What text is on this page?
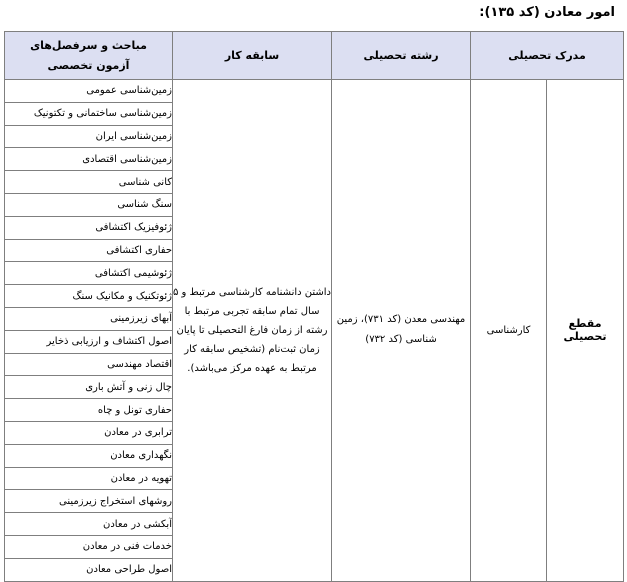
امور معادن (کد ۱۳۵):
مدرک تحصیلی		رشته تحصیلی	سابقه کار	مباحث و سرفصل‌های آزمون تخصصی
مقطع تحصیلی	کارشناسی	مهندسی معدن (کد ۷۳۱)، زمین شناسی (کد ۷۳۲)	داشتن دانشنامه کارشناسی مرتبط و ۵ سال تمام سابقه تجربی مرتبط با رشته از زمان فارغ التحصیلی تا پایان زمان ثبت‌نام (تشخیص سابقه کار مرتبط به عهده مرکز می‌باشد).	زمین‌شناسی عمومی
				زمین‌شناسی ساختمانی و تکتونیک
				زمین‌شناسی ایران
				زمین‌شناسی اقتصادی
				کانی شناسی
				سنگ شناسی
				ژئوفیزیک اکتشافی
				حفاری اکتشافی
				ژئوشیمی اکتشافی
				ژئوتکنیک و مکانیک سنگ
				آبهای زیرزمینی
				اصول اکتشاف و ارزیابی ذخایر
				اقتصاد مهندسی
				چال زنی و آتش باری
				حفاری تونل و چاه
				ترابری در معادن
				نگهداری معادن
				تهویه در معادن
				روشهای استخراج زیرزمینی
				آبکشی در معادن
				خدمات فنی در معادن
				اصول طراحی معادن
